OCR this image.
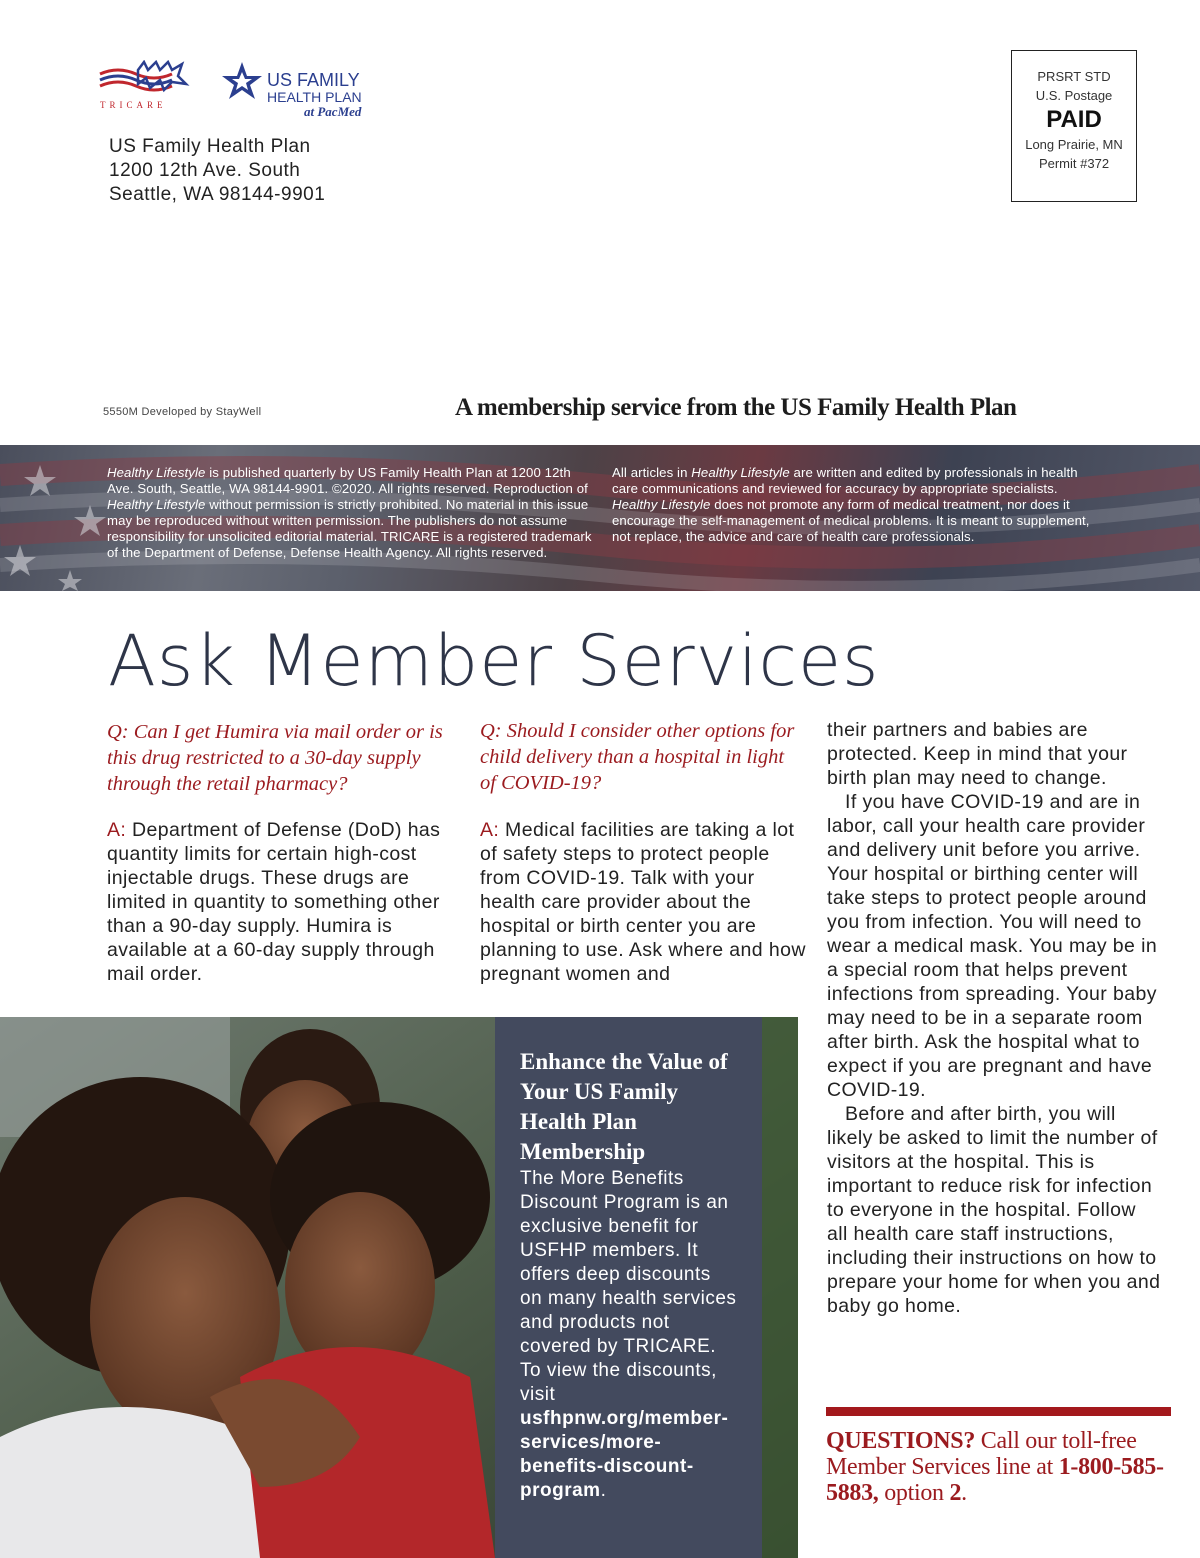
TRICARE
US FAMILY
HEALTH PLAN
at PacMed
US Family Health Plan
1200 12th Ave. South
Seattle, WA 98144-9901
PRSRT STD
U.S. Postage
PAID
Long Prairie, MN
Permit #372
5550M Developed by StayWell	A membership service from the US Family Health Plan
Healthy Lifestyle is published quarterly by US Family Health Plan at 1200 12th Ave. South, Seattle, WA 98144-9901. ©2020. All rights reserved. Reproduction of Healthy Lifestyle without permission is strictly prohibited. No material in this issue may be reproduced without written permission. The publishers do not assume responsibility for unsolicited editorial material. TRICARE is a registered trademark of the Department of Defense, Defense Health Agency. All rights reserved.
All articles in Healthy Lifestyle are written and edited by professionals in health care communications and reviewed for accuracy by appropriate specialists. Healthy Lifestyle does not promote any form of medical treatment, nor does it encourage the self-management of medical problems. It is meant to supplement, not replace, the advice and care of health care professionals.
Ask Member Services
Q: Can I get Humira via mail order or is this drug restricted to a 30-day supply through the retail pharmacy?
A: Department of Defense (DoD) has quantity limits for certain high-cost injectable drugs. These drugs are limited in quantity to something other than a 90-day supply. Humira is available at a 60-day supply through mail order.
Q: Should I consider other options for child delivery than a hospital in light of COVID-19?
A: Medical facilities are taking a lot of safety steps to protect people from COVID-19. Talk with your health care provider about the hospital or birth center you are planning to use. Ask where and how pregnant women and

their partners and babies are protected. Keep in mind that your birth plan may need to change.

If you have COVID-19 and are in labor, call your health care provider and delivery unit before you arrive. Your hospital or birthing center will take steps to protect people around you from infection. You will need to wear a medical mask. You may be in a special room that helps prevent infections from spreading. Your baby may need to be in a separate room after birth. Ask the hospital what to expect if you are pregnant and have COVID-19.

Before and after birth, you will likely be asked to limit the number of visitors at the hospital. This is important to reduce risk for infection to everyone in the hospital. Follow all health care staff instructions, including their instructions on how to prepare your home for when you and baby go home.

Enhance the Value of Your US Family Health Plan Membership

The More Benefits Discount Program is an exclusive benefit for USFHP members. It offers deep discounts on many health services and products not covered by TRICARE. To view the discounts, visit usfhpnw.org/member-services/more-benefits-discount-program.

QUESTIONS? Call our toll-free Member Services line at 1-800-585-5883, option 2.
